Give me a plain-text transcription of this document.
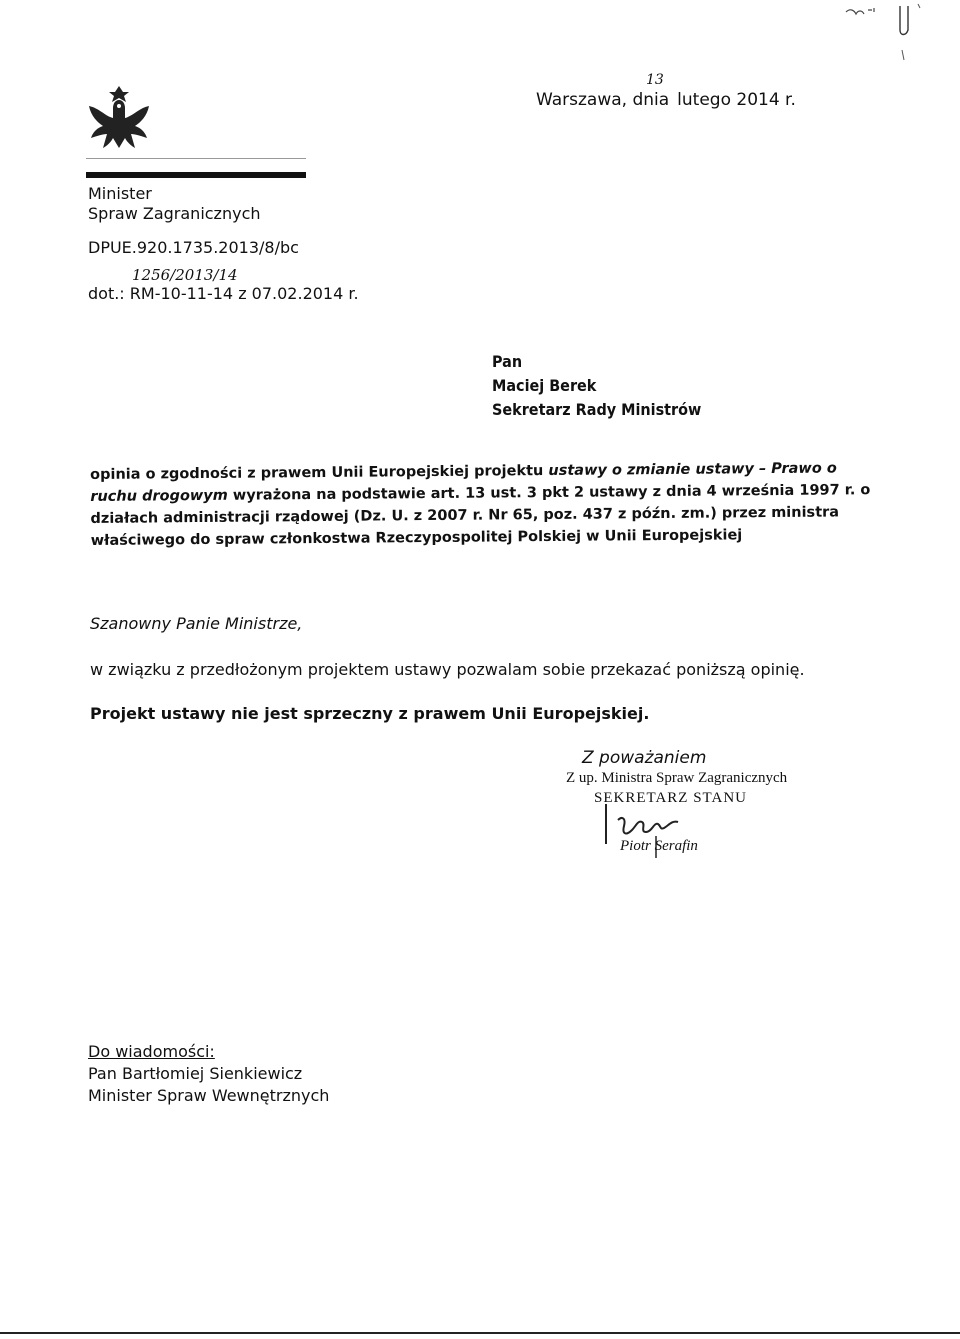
Warszawa, dnia lutego 2014 r.
13
Minister
Spraw Zagranicznych
DPUE.920.1735.2013/8/bc
1256/2013/14
dot.: RM-10-11-14 z 07.02.2014 r.
Pan
Maciej Berek
Sekretarz Rady Ministrów
opinia o zgodności z prawem Unii Europejskiej projektu ustawy o zmianie ustawy – Prawo o ruchu drogowym wyrażona na podstawie art. 13 ust. 3 pkt 2 ustawy z dnia 4 września 1997 r. o działach administracji rządowej (Dz. U. z 2007 r. Nr 65, poz. 437 z późn. zm.) przez ministra właściwego do spraw członkostwa Rzeczypospolitej Polskiej w Unii Europejskiej
Szanowny Panie Ministrze,
w związku z przedłożonym projektem ustawy pozwalam sobie przekazać poniższą opinię.
Projekt ustawy nie jest sprzeczny z prawem Unii Europejskiej.
Z poważaniem
Z up. Ministra Spraw Zagranicznych
SEKRETARZ STANU
Piotr Serafin
Do wiadomości:
Pan Bartłomiej Sienkiewicz
Minister Spraw Wewnętrznych
